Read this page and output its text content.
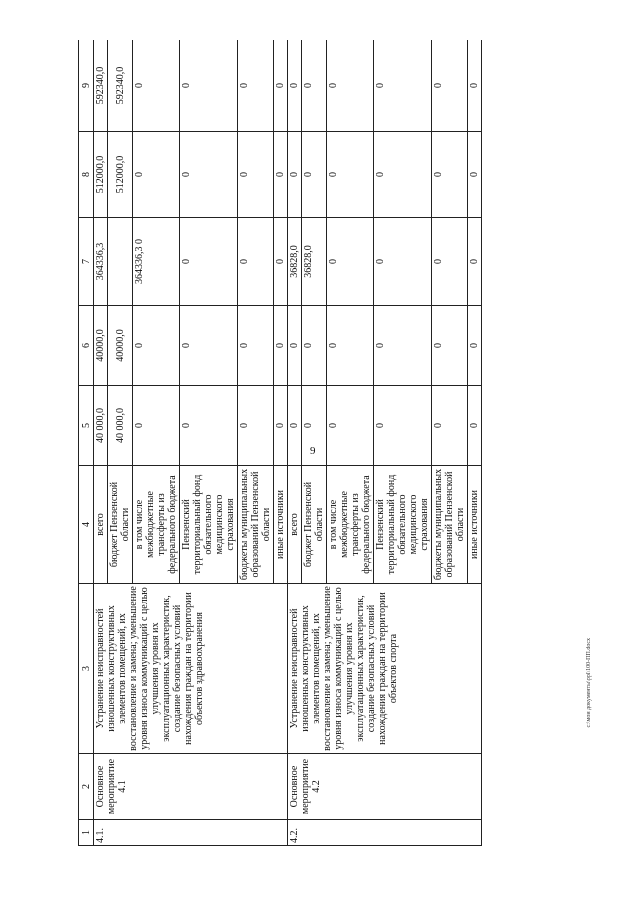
9
1	2	3	4	5	6	7	8	9
4.1.	Основное мероприятие 4.1	Устранение неисправностей изношенных конструктивных элементов помещений, их восстановление и замена; уменьшение уровня износа коммуникаций с целью улучшения уровня их эксплуатационных характеристик, создание безопасных условий нахождения граждан на территории объектов здравоохранения	всего	40 000,0	40000,0	364336,3	512000,0	592340,0
			бюджет Пензенской области	40 000,0	40000,0		512000,0	592340,0
			в том числе межбюджетные трансферты из федерального бюджета	0	0	364336,3 0	0	0
			Пензенский территориальный фонд обязательного медицинского страхования	0	0	0	0	0
			бюджеты муниципальных образований Пензенской области	0	0	0	0	0
			иные источники	0	0	0	0	0
4.2.	Основное мероприятие 4.2	Устранение неисправностей изношенных конструктивных элементов помещений, их восстановление и замена; уменьшение уровня износа коммуникаций с целью улучшения уровня их эксплуатационных характеристик, создание безопасных условий нахождения граждан на территории объектов спорта	всего	0	0	36828,0	0	0
			бюджет Пензенской области	0	0	36828,0	0	0
			в том числе межбюджетные трансферты из федерального бюджета	0	0	0	0	0
			Пензенский территориальный фонд обязательного медицинского страхования	0	0	0	0	0
			бюджеты муниципальных образований Пензенской области	0	0	0	0	0
			иные источники	0	0	0	0	0
c:\мои документы\ppl\100-ПП.docx
